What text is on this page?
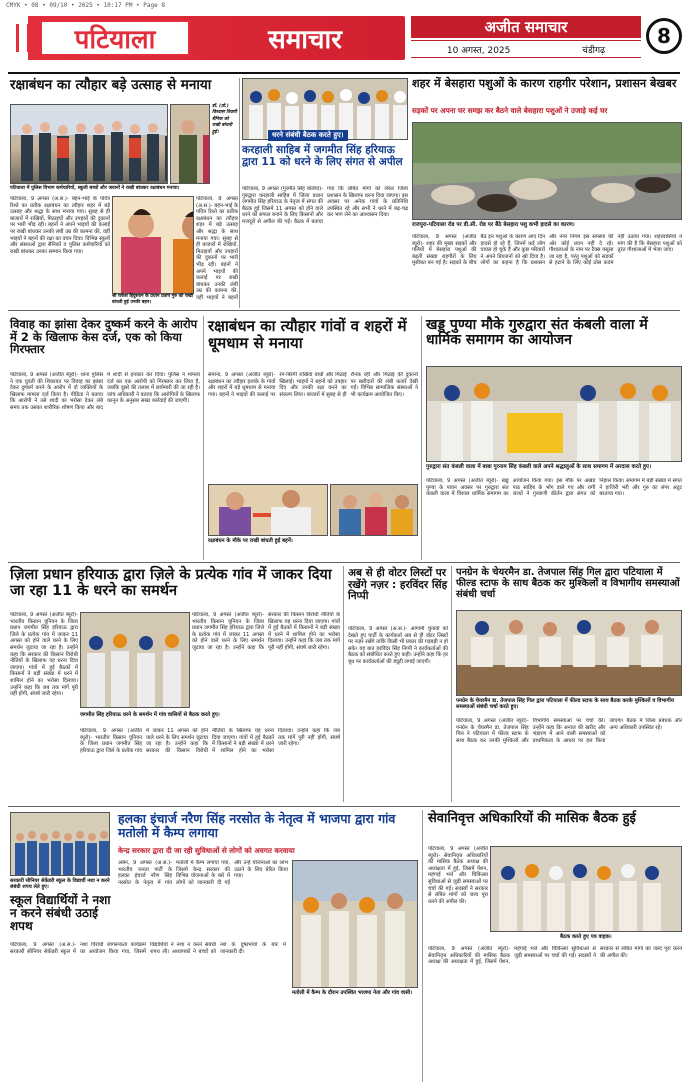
CMYK • 08 • 09/10 • 2025 • 10:17 PM • Page 8
पटियाला	समाचार	अजीत समाचार
10 अगस्त, 2025	चंडीगढ़
8
रक्षाबंधन का त्यौहार बड़े उत्साह से मनाया
पटियाला में पुलिस विभाग कर्मचारियों, स्कूली बच्चों और जवानों ने राखी बांधकर रक्षाबंधन मनाया।
डॉ. (प्रो.) विश्वास तिवारी सैनिक को राखी बांधती हुई।
पटियाला, 9 अगस्त (अ.स.)- बहन-भाई के पवित्र रिश्ते का प्रतीक रक्षाबंधन का त्यौहार शहर में बड़े उत्साह और श्रद्धा के साथ मनाया गया। सुबह से ही बाजारों में राखियों, मिठाइयों और उपहारों की दुकानों पर भारी भीड़ रही। बहनों ने अपने भाइयों की कलाई पर राखी बांधकर उनकी लंबी उम्र की कामना की, वहीं भाइयों ने बहनों की रक्षा का वचन दिया। विभिन्न स्कूलों और संस्थाओं द्वारा सैनिकों व पुलिस कर्मचारियों को राखी बांधकर उनका सम्मान किया गया।
श्री राकेश हिंदुस्तान के प्रधान प्रताप गुरु को राखी बांधती हुई उनकी बहन।
पटियाला, 9 अगस्त (अ.स.)- बहन-भाई के पवित्र रिश्ते का प्रतीक रक्षाबंधन का त्यौहार शहर में बड़े उत्साह और श्रद्धा के साथ मनाया गया। सुबह से ही बाजारों में राखियों, मिठाइयों और उपहारों की दुकानों पर भारी भीड़ रही। बहनों ने अपने भाइयों की कलाई पर राखी बांधकर उनकी लंबी उम्र की कामना की, वहीं भाइयों ने बहनों
धरने संबंधी बैठक करते हुए।
करहाली साहिब में जगमीत सिंह हरियाऊ द्वारा 11 को धरने के लिए संगत से अपील
पटियाला, 9 अगस्त (गुरमीत सिंह बलिया)- गुरुद्वारा करहाली साहिब में जिला प्रधान जगमीत सिंह हरियाऊ के नेतृत्व में संगत की बैठक हुई जिसमें 11 अगस्त को होने वाले धरने को सफल बनाने के लिए किसानों और मजदूरों से अपील की गई। बैठक में बताया गया कि लंबित मांगों को लेकर जिला प्रशासन के खिलाफ धरना दिया जाएगा। इस अवसर पर अनेक गांवों के प्रतिनिधि उपस्थित रहे और सभी ने धरने में बढ़-चढ़ कर भाग लेने का आश्वासन दिया।
विवाह का झांसा देकर दुष्कर्म करने के आरोप में 2 के खिलाफ केस दर्ज, एक को किया गिरफ्तार
पटियाला, 9 अगस्त (अजीत ब्यूरो)- थाना पुलिस ने एक युवती की शिकायत पर विवाह का झांसा देकर दुष्कर्म करने के आरोप में दो व्यक्तियों के खिलाफ मामला दर्ज किया है। पीड़िता ने बताया कि आरोपी ने उसे शादी का भरोसा देकर लंबे समय तक उसका शारीरिक शोषण किया और बाद में शादी से इनकार कर दिया। पुलिस ने मामला दर्ज कर एक आरोपी को गिरफ्तार कर लिया है, जबकि दूसरे की तलाश में छापेमारी की जा रही है। जांच अधिकारी ने बताया कि आरोपियों के खिलाफ कानून के अनुसार सख्त कार्रवाई की जाएगी।
रक्षाबंधन का त्यौहार गांवों व शहरों में धूमधाम से मनाया
समाना, 9 अगस्त (अजीत ब्यूरो)- रक्षाबंधन का त्यौहार इलाके के गांवों और शहरों में बड़े धूमधाम से मनाया गया। बहनों ने भाइयों की कलाई पर रंग-बिरंगी राखियां बांधी और मिठाई खिलाई। भाइयों ने बहनों को उपहार दिए और उनकी रक्षा करने का संकल्प लिया। बाजारों में सुबह से ही रौनक रही और मिठाई की दुकानों पर खरीदारों की लंबी कतारें देखी गईं। विभिन्न सामाजिक संस्थाओं ने भी कार्यक्रम आयोजित किए।
रक्षाबंधन के मौके पर राखी बांधती हुई बहनें।
खड्ड पुण्या मौके गुरुद्वारा संत कंबली वाला में धार्मिक समागम का आयोजन
गुरुद्वारा संत कंबली वाला में बाबा गुरनाम सिंह कंबली वाले अपने श्रद्धालुओं के साथ समागम में अरदास करते हुए।
पटियाला, 9 अगस्त (अजीत ब्यूरो)- खड्ड पुण्या के पावन अवसर पर गुरुद्वारा संत कंबली वाला में विशाल धार्मिक समागम का आयोजन किया गया। इस मौके पर अखंड पाठ साहिब के भोग डाले गए और रागी जत्थों ने गुरबाणी कीर्तन द्वारा संगत को निहाल किया। समागम में बड़ी संख्या में संगत ने हाजिरी भरी और गुरु का लंगर अटूट बरताया गया।
ज़िला प्रधान हरियाऊ द्वारा ज़िले के प्रत्येक गांव में जाकर दिया जा रहा 11 के धरने का समर्थन
पटियाला, 9 अगस्त (अजीत ब्यूरो)- भारतीय किसान यूनियन के जिला प्रधान जगमीत सिंह हरियाऊ द्वारा जिले के प्रत्येक गांव में जाकर 11 अगस्त को होने वाले धरने के लिए समर्थन जुटाया जा रहा है। उन्होंने कहा कि सरकार की किसान विरोधी नीतियों के खिलाफ यह धरना दिया जाएगा। गांवों में हुई बैठकों में किसानों ने बड़ी संख्या में धरने में शामिल होने का भरोसा दिलाया। उन्होंने कहा कि जब तक मांगें पूरी नहीं होंगी, संघर्ष जारी रहेगा।
पटियाला, 9 अगस्त (अजीत ब्यूरो)- भारतीय किसान यूनियन के जिला प्रधान जगमीत सिंह हरियाऊ द्वारा जिले के प्रत्येक गांव में जाकर 11 अगस्त को होने वाले धरने के लिए समर्थन जुटाया जा रहा है। उन्होंने कहा कि सरकार की किसान विरोधी नीतियों के खिलाफ यह धरना दिया जाएगा। गांवों में हुई बैठकों में किसानों ने बड़ी संख्या में धरने में शामिल होने का भरोसा दिलाया। उन्होंने कहा कि जब तक मांगें पूरी नहीं होंगी, संघर्ष जारी रहेगा।
जगमीत सिंह हरियाऊ धरने के समर्थन में गांव वासियों से बैठक करते हुए।
पटियाला, 9 अगस्त (अजीत ब्यूरो)- भारतीय किसान यूनियन के जिला प्रधान जगमीत सिंह हरियाऊ द्वारा जिले के प्रत्येक गांव में जाकर 11 अगस्त को होने वाले धरने के लिए समर्थन जुटाया जा रहा है। उन्होंने कहा कि सरकार की किसान विरोधी नीतियों के खिलाफ यह धरना दिया जाएगा। गांवों में हुई बैठकों में किसानों ने बड़ी संख्या में धरने में शामिल होने का भरोसा दिलाया। उन्होंने कहा कि जब तक मांगें पूरी नहीं होंगी, संघर्ष जारी रहेगा।
अब से ही वोटर लिस्टों पर रखेंगे नज़र : हरविंदर सिंह निप्पी
पटियाला, 9 अगस्त (अ.स.)- आगामी चुनावों को देखते हुए पार्टी के कार्यकर्ता अब से ही वोटर लिस्टों पर नज़र रखेंगे ताकि किसी भी प्रकार की गड़बड़ी न हो सके। यह बात हरविंदर सिंह निप्पी ने कार्यकर्ताओं की बैठक को संबोधित करते हुए कही। उन्होंने कहा कि हर बूथ पर कार्यकर्ताओं की ड्यूटी लगाई जाएगी।
पनग्रेन के चेयरमैन डा. तेजपाल सिंह गिल द्वारा पटियाला में फील्ड स्टाफ के साथ बैठक कर मुश्किलों व विभागीय समस्याओं संबंधी चर्चा
पनग्रेन के चेयरमैन डा. तेजपाल सिंह गिल द्वारा पटियाला में फील्ड स्टाफ के साथ बैठक करके मुश्किलों व विभागीय समस्याओं संबंधी चर्चा करते हुए।
पटियाला, 9 अगस्त (अजीत ब्यूरो)- पनग्रेन के चेयरमैन डा. तेजपाल सिंह गिल ने पटियाला में फील्ड स्टाफ के साथ बैठक कर उनकी मुश्किलों और विभागीय समस्याओं पर चर्चा की। उन्होंने कहा कि अनाज की खरीद और भंडारण में आने वाली समस्याओं को प्राथमिकता के आधार पर हल किया जाएगा। बैठक में जिला प्रबंधक और अन्य अधिकारी उपस्थित रहे।
सरकारी सीनियर सेकेंडरी स्कूल के विद्यार्थी नशा न करने संबंधी शपथ लेते हुए।
हलका इंचार्ज नरैण सिंह नरसोत के नेतृत्व में भाजपा द्वारा गांव मतोली में कैम्प लगाया
केन्द्र सरकार द्वारा दी जा रही सुविधाओं से लोगों को अवगत करवाया
अर्बन, 9 अगस्त (अ.स.)- भारतीय जनता पार्टी के हलका इंचार्ज नरैण सिंह नरसोत के नेतृत्व में गांव मतोली में कैम्प लगाया गया, जिसमें केन्द्र सरकार की विभिन्न योजनाओं के बारे में लोगों को जानकारी दी गई और उन्हें योजनाओं का लाभ उठाने के लिए प्रेरित किया गया।
मतोली में कैम्प के दौरान उपस्थित भाजपा नेता और गांव वासी।
स्कूल विद्यार्थियों ने नशा न करने संबंधी उठाई शपथ
पटियाला, 9 अगस्त (अ.स.)- सरकारी सीनियर सेकेंडरी स्कूल में नशा विरोधी जागरूकता कार्यक्रम का आयोजन किया गया, जिसमें विद्यार्थियों ने नशा न करने संबंधी शपथ ली। अध्यापकों ने बच्चों को नशे के दुष्प्रभावों के बारे में जानकारी दी।
सेवानिवृत्त अधिकारियों की मासिक बैठक हुई
पटियाला, 9 अगस्त (अजीत ब्यूरो)- सेवानिवृत्त अधिकारियों की मासिक बैठक अध्यक्ष की अध्यक्षता में हुई, जिसमें पेंशन, महंगाई भत्ते और चिकित्सा सुविधाओं से जुड़ी समस्याओं पर चर्चा की गई। सदस्यों ने सरकार से लंबित मांगों को जल्द पूरा करने की अपील की।
बैठक करते हुए पत्र वाहक।
पटियाला, 9 अगस्त (अजीत ब्यूरो)- सेवानिवृत्त अधिकारियों की मासिक बैठक अध्यक्ष की अध्यक्षता में हुई, जिसमें पेंशन, महंगाई भत्ते और चिकित्सा सुविधाओं से जुड़ी समस्याओं पर चर्चा की गई। सदस्यों ने सरकार से लंबित मांगों को जल्द पूरा करने की अपील की।
शहर में बेसहारा पशुओं के कारण राहगीर परेशान, प्रशासन बेखबर
सड़कों पर अपना घर समझ कर बैठने वाले बेसहारा पशुओं ने उजाड़े कई घर
राजपुरा-पटियाला रोड पर डी.सी. रोड पर बैठे बेसहारा पशु कभी हादसे का कारण।
पटियाला, 9 अगस्त (अजीत ब्यूरो)- शहर की मुख्य सड़कों और गलियों में बेसहारा पशुओं की बढ़ती संख्या राहगीरों के लिए मुसीबत बन गई है। सड़कों के बीच बैठे इन पशुओं के कारण आए दिन हादसे हो रहे हैं, जिनमें कई लोग घायल हो चुके हैं और कुछ परिवारों ने अपने प्रियजनों को खो दिया है। लोगों का कहना है कि प्रशासन और नगर निगम इस समस्या की ओर कोई ध्यान नहीं दे रहे। गौशालाओं के नाम पर टैक्स वसूला जा रहा है, परंतु पशुओं को सड़कों से हटाने के लिए कोई ठोस कदम नहीं उठाया गया। शहरवासियों ने मांग की है कि बेसहारा पशुओं को तुरंत गौशालाओं में भेजा जाए।
